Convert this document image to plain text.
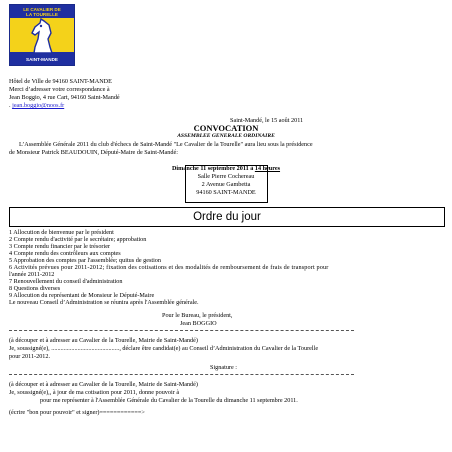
LE CAVALIER DE
LA TOURELLE
SAINT-MANDE
Hôtel de Ville de 94160 SAINT-MANDE
Merci d’adresser votre correspondance à
Jean Boggio, 4 rue Cart, 94160 Saint-Mandé
. jean.boggio@noos.fr
Saint-Mandé, le 15 août 2011
CONVOCATION
ASSEMBLEE GENERALE ORDINAIRE
L’Assemblée Générale 2011 du club d'échecs de Saint-Mandé "Le Cavalier de la Tourelle" aura lieu sous la présidence
de Monsieur Patrick BEAUDOUIN, Député-Maire de Saint-Mandé:
Dimanche 11 septembre 2011 à 14 heures
Salle Pierre Cochereau
2 Avenue Gambetta
94160 SAINT-MANDE
Ordre du jour
1 Allocution de bienvenue par le président
2 Compte rendu d'activité par le secrétaire; approbation
3 Compte rendu financier par le trésorier
4 Compte rendu des contrôleurs aux comptes
5 Approbation des comptes par l'assemblée; quitus de gestion
6 Activités prévues pour 2011-2012; fixation des cotisations et des modalités de remboursement de frais de transport pour
l'année 2011-2012
7 Renouvellement du conseil d'administration
8 Questions diverses
9 Allocution du représentant de Monsieur le Député-Maire
Le nouveau Conseil d’Administration se réunira après l'Assemblée générale.
Pour le Bureau, le président,
Jean BOGGIO
(à découper et à adresser au Cavalier de la Tourelle, Mairie de Saint-Mandé)
Je, soussigné(e), ............................................, déclare être candidat(e) au Conseil d’Administration du Cavalier de la Tourelle
pour 2011-2012.
Signature :
(à découper et à adresser au Cavalier de la Tourelle, Mairie de Saint-Mandé)
Je, soussigné(e),, à jour de ma cotisation pour 2011, donne pouvoir à
pour me représenter à l'Assemblée Générale du Cavalier de la Tourelle du dimanche 11 septembre 2011.
(écrire "bon pour pouvoir" et signer)============>
